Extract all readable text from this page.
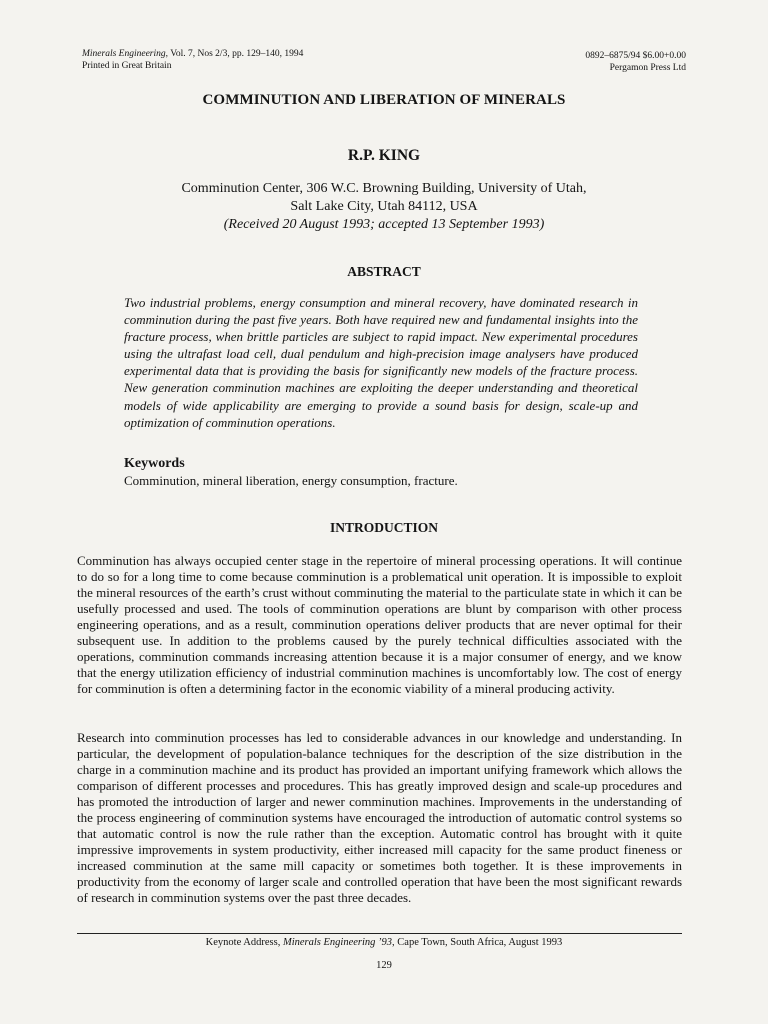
Minerals Engineering, Vol. 7, Nos 2/3, pp. 129–140, 1994
Printed in Great Britain
0892–6875/94 $6.00+0.00
Pergamon Press Ltd
COMMINUTION AND LIBERATION OF MINERALS
R.P. KING
Comminution Center, 306 W.C. Browning Building, University of Utah,
Salt Lake City, Utah 84112, USA
(Received 20 August 1993; accepted 13 September 1993)
ABSTRACT

Two industrial problems, energy consumption and mineral recovery, have dominated research in comminution during the past five years. Both have required new and fundamental insights into the fracture process, when brittle particles are subject to rapid impact. New experimental procedures using the ultrafast load cell, dual pendulum and high-precision image analysers have produced experimental data that is providing the basis for significantly new models of the fracture process. New generation comminution machines are exploiting the deeper understanding and theoretical models of wide applicability are emerging to provide a sound basis for design, scale-up and optimization of comminution operations.

Keywords
Comminution, mineral liberation, energy consumption, fracture.
INTRODUCTION

Comminution has always occupied center stage in the repertoire of mineral processing operations. It will continue to do so for a long time to come because comminution is a problematical unit operation. It is impossible to exploit the mineral resources of the earth’s crust without comminuting the material to the particulate state in which it can be usefully processed and used. The tools of comminution operations are blunt by comparison with other process engineering operations, and as a result, comminution operations deliver products that are never optimal for their subsequent use. In addition to the problems caused by the purely technical difficulties associated with the operations, comminution commands increasing attention because it is a major consumer of energy, and we know that the energy utilization efficiency of industrial comminution machines is uncomfortably low. The cost of energy for comminution is often a determining factor in the economic viability of a mineral producing activity.

Research into comminution processes has led to considerable advances in our knowledge and understanding. In particular, the development of population-balance techniques for the description of the size distribution in the charge in a comminution machine and its product has provided an important unifying framework which allows the comparison of different processes and procedures. This has greatly improved design and scale-up procedures and has promoted the introduction of larger and newer comminution machines. Improvements in the understanding of the process engineering of comminution systems have encouraged the introduction of automatic control systems so that automatic control is now the rule rather than the exception. Automatic control has brought with it quite impressive improvements in system productivity, either increased mill capacity for the same product fineness or increased comminution at the same mill capacity or sometimes both together. It is these improvements in productivity from the economy of larger scale and controlled operation that have been the most significant rewards of research in comminution systems over the past three decades.

Keynote Address, Minerals Engineering ’93, Cape Town, South Africa, August 1993
129
